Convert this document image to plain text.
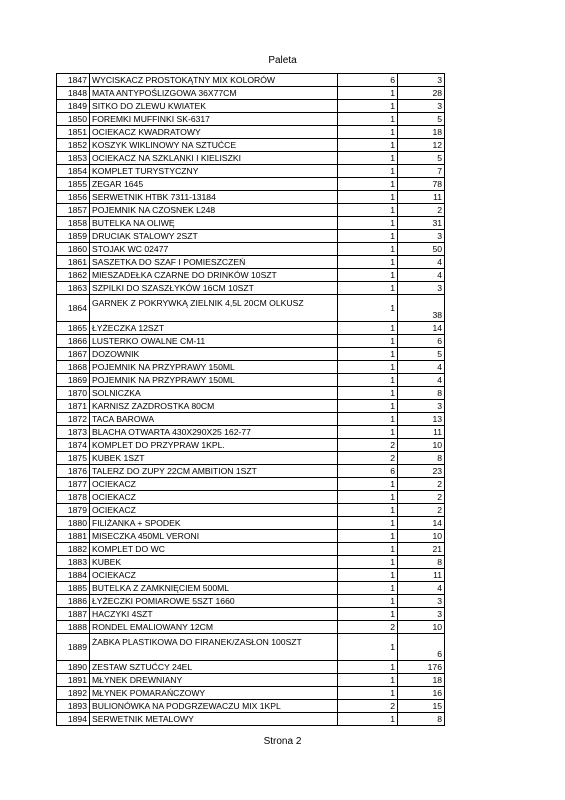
Paleta
1847	WYCISKACZ PROSTOKĄTNY MIX KOLORÓW	6	3
1848	MATA ANTYPOŚLIZGOWA 36X77CM	1	28
1849	SITKO DO ZLEWU KWIATEK	1	3
1850	FOREMKI MUFFINKI SK-6317	1	5
1851	OCIEKACZ KWADRATOWY	1	18
1852	KOSZYK WIKLINOWY NA SZTUĆCE	1	12
1853	OCIEKACZ NA SZKLANKI I KIELISZKI	1	5
1854	KOMPLET TURYSTYCZNY	1	7
1855	ZEGAR 1645	1	78
1856	SERWETNIK HTBK 7311-13184	1	11
1857	POJEMNIK NA CZOSNEK L248	1	2
1858	BUTELKA NA OLIWĘ	1	31
1859	DRUCIAK STALOWY 2SZT	1	3
1860	STOJAK WC 02477	1	50
1861	SASZETKA DO SZAF I POMIESZCZEŃ	1	4
1862	MIESZADEŁKA CZARNE DO DRINKÓW 10SZT	1	4
1863	SZPILKI DO SZASZŁYKÓW 16CM 10SZT	1	3
1864	GARNEK Z POKRYWKĄ ZIELNIK 4,5L 20CM OLKUSZ	1	38
1865	ŁYŻECZKA 12SZT	1	14
1866	LUSTERKO OWALNE CM-11	1	6
1867	DOZOWNIK	1	5
1868	POJEMNIK NA PRZYPRAWY 150ML	1	4
1869	POJEMNIK NA PRZYPRAWY 150ML	1	4
1870	SOLNICZKA	1	8
1871	KARNISZ ZAZDROSTKA 80CM	1	3
1872	TACA BAROWA	1	13
1873	BLACHA OTWARTA 430X290X25 162-77	1	11
1874	KOMPLET DO PRZYPRAW 1KPL.	2	10
1875	KUBEK 1SZT	2	8
1876	TALERZ DO ZUPY 22CM AMBITION 1SZT	6	23
1877	OCIEKACZ	1	2
1878	OCIEKACZ	1	2
1879	OCIEKACZ	1	2
1880	FILIŻANKA + SPODEK	1	14
1881	MISECZKA 450ML VERONI	1	10
1882	KOMPLET DO WC	1	21
1883	KUBEK	1	8
1884	OCIEKACZ	1	11
1885	BUTELKA Z ZAMKNIĘCIEM 500ML	1	4
1886	ŁYŻECZKI POMIAROWE 5SZT 1660	1	3
1887	HACZYKI 4SZT	1	3
1888	RONDEL EMALIOWANY 12CM	2	10
1889	ŻABKA PLASTIKOWA DO FIRANEK/ZASŁON 100SZT	1	6
1890	ZESTAW SZTUĆCY 24EL	1	176
1891	MŁYNEK DREWNIANY	1	18
1892	MŁYNEK POMARAŃCZOWY	1	16
1893	BULIONÓWKA NA PODGRZEWACZU MIX 1KPL	2	15
1894	SERWETNIK METALOWY	1	8
Strona 2
